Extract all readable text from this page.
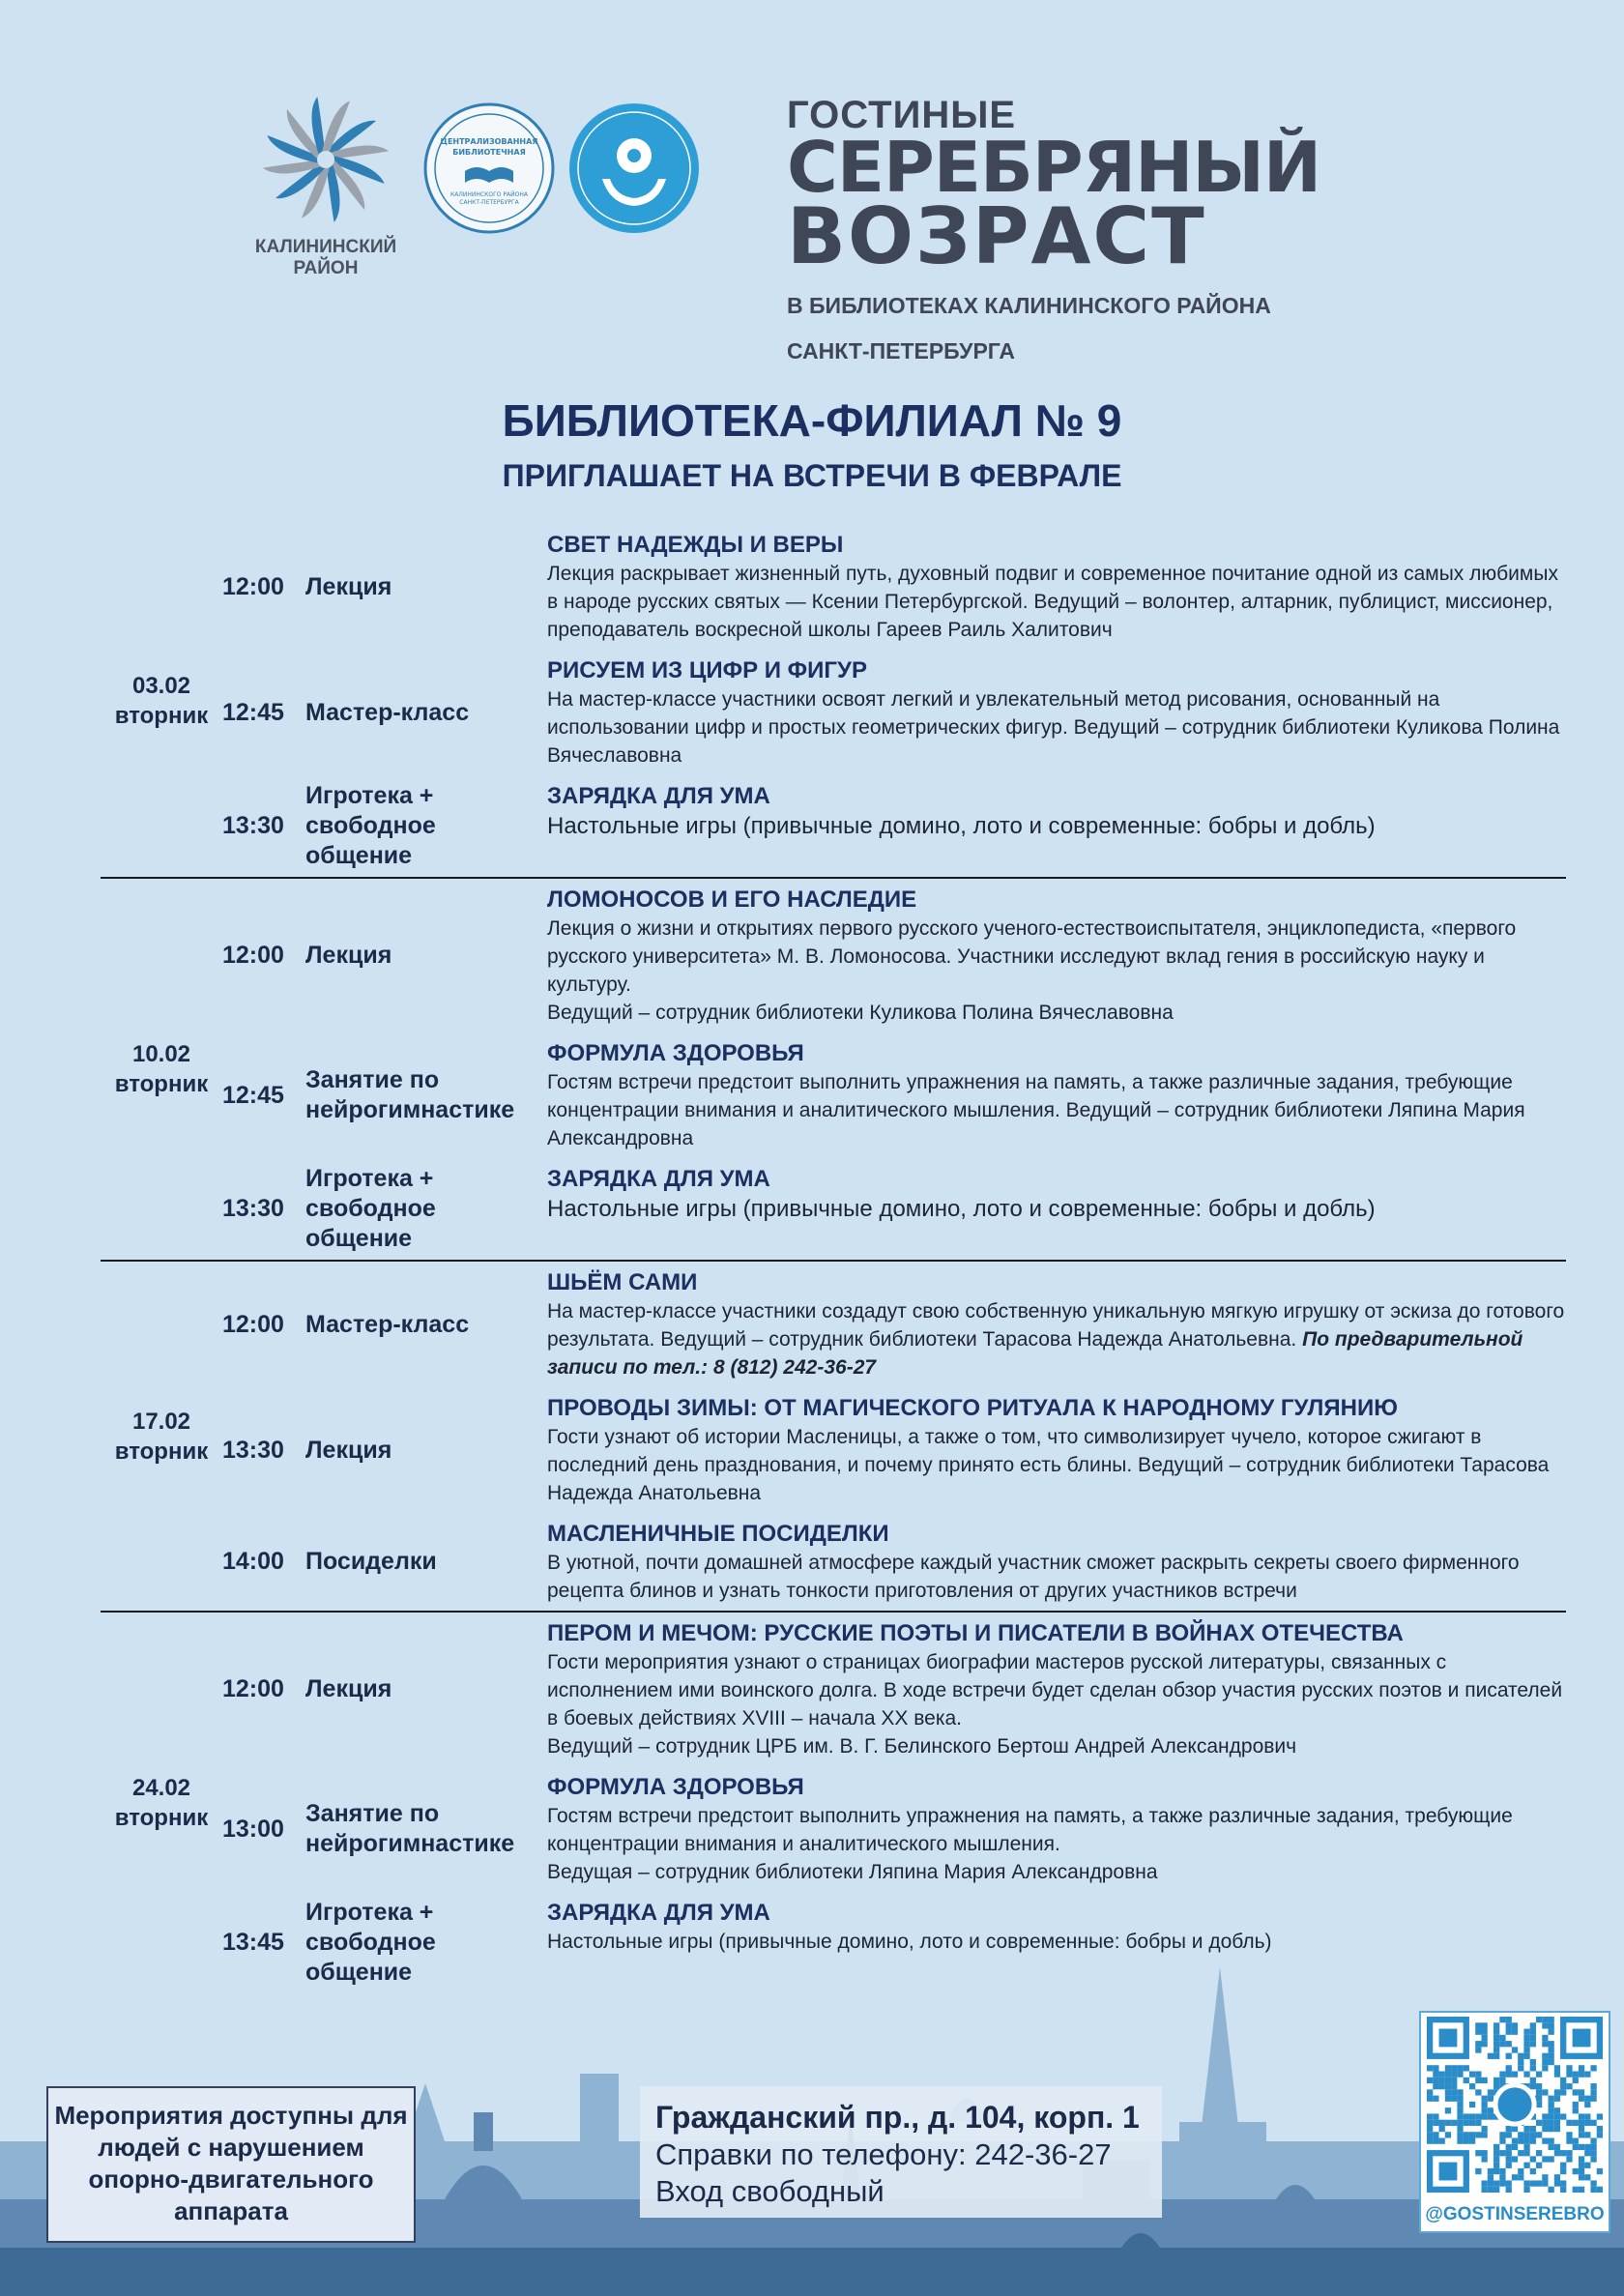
КАЛИНИНСКИЙ РАЙОН
ЦЕНТРАЛИЗОВАННАЯ
БИБЛИОТЕЧНАЯ
КАЛИНИНСКОГО РАЙОНА
САНКТ-ПЕТЕРБУРГА
ГОСТИНЫЕ
СЕРЕБРЯНЫЙ
ВОЗРАСТ
В БИБЛИОТЕКАХ КАЛИНИНСКОГО РАЙОНА
САНКТ-ПЕТЕРБУРГА
БИБЛИОТЕКА-ФИЛИАЛ № 9
ПРИГЛАШАЕТ НА ВСТРЕЧИ В ФЕВРАЛЕ
03.02
вторник
12:00 Лекция
СВЕТ НАДЕЖДЫ И ВЕРЫ
Лекция раскрывает жизненный путь, духовный подвиг и современное почитание одной из самых любимых в народе русских святых — Ксении Петербургской. Ведущий – волонтер, алтарник, публицист, миссионер, преподаватель воскресной школы Гареев Раиль Халитович
12:45 Мастер-класс
РИСУЕМ ИЗ ЦИФР И ФИГУР
На мастер-классе участники освоят легкий и увлекательный метод рисования, основанный на использовании цифр и простых геометрических фигур. Ведущий – сотрудник библиотеки Куликова Полина Вячеславовна
13:30
Игротека + свободное общение
ЗАРЯДКА ДЛЯ УМА
Настольные игры (привычные домино, лото и современные: бобры и добль)
10.02
вторник
12:00 Лекция
ЛОМОНОСОВ И ЕГО НАСЛЕДИЕ
Лекция о жизни и открытиях первого русского ученого-естествоиспытателя, энциклопедиста, «первого русского университета» М. В. Ломоносова. Участники исследуют вклад гения в российскую науку и культуру.
Ведущий – сотрудник библиотеки Куликова Полина Вячеславовна
12:45
Занятие по нейрогимнастике
ФОРМУЛА ЗДОРОВЬЯ
Гостям встречи предстоит выполнить упражнения на память, а также различные задания, требующие концентрации внимания и аналитического мышления. Ведущий – сотрудник библиотеки Ляпина Мария Александровна
13:30
Игротека + свободное общение
ЗАРЯДКА ДЛЯ УМА
Настольные игры (привычные домино, лото и современные: бобры и добль)
17.02
вторник
12:00 Мастер-класс
ШЬЁМ САМИ
На мастер-классе участники создадут свою собственную уникальную мягкую игрушку от эскиза до готового результата. Ведущий – сотрудник библиотеки Тарасова Надежда Анатольевна. По предварительной записи по тел.: 8 (812) 242-36-27
13:30 Лекция
ПРОВОДЫ ЗИМЫ: ОТ МАГИЧЕСКОГО РИТУАЛА К НАРОДНОМУ ГУЛЯНИЮ
Гости узнают об истории Масленицы, а также о том, что символизирует чучело, которое сжигают в последний день празднования, и почему принято есть блины. Ведущий – сотрудник библиотеки Тарасова Надежда Анатольевна
14:00 Посиделки
МАСЛЕНИЧНЫЕ ПОСИДЕЛКИ
В уютной, почти домашней атмосфере каждый участник сможет раскрыть секреты своего фирменного рецепта блинов и узнать тонкости приготовления от других участников встречи
24.02
вторник
12:00 Лекция
ПЕРОМ И МЕЧОМ: РУССКИЕ ПОЭТЫ И ПИСАТЕЛИ В ВОЙНАХ ОТЕЧЕСТВА
Гости мероприятия узнают о страницах биографии мастеров русской литературы, связанных с исполнением ими воинского долга. В ходе встречи будет сделан обзор участия русских поэтов и писателей в боевых действиях XVIII – начала XX века.
Ведущий – сотрудник ЦРБ им. В. Г. Белинского Бертош Андрей Александрович
13:00
Занятие по нейрогимнастике
ФОРМУЛА ЗДОРОВЬЯ
Гостям встречи предстоит выполнить упражнения на память, а также различные задания, требующие концентрации внимания и аналитического мышления.
Ведущая – сотрудник библиотеки Ляпина Мария Александровна
13:45
Игротека + свободное общение
ЗАРЯДКА ДЛЯ УМА
Настольные игры (привычные домино, лото и современные: бобры и добль)
Мероприятия доступны для людей с нарушением опорно-двигательного аппарата
Гражданский пр., д. 104, корп. 1
Справки по телефону: 242-36-27
Вход свободный
@GOSTINSEREBRO
